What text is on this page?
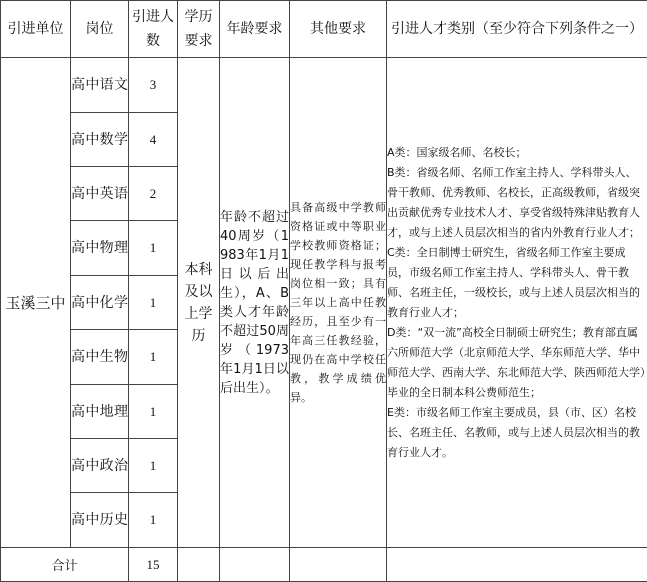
引进单位	岗位	引进人数	学历要求	年龄要求	其他要求	引进人才类别（至少符合下列条件之一）
玉溪三中	高中语文	3	本科及以上学历	年龄不超过40周岁（1983年1月1日以后出生），A、B类人才年龄不超过50周岁（1973年1月1日以后出生）。	具备高级中学教师资格证或中等职业学校教师资格证；现任教学科与报考岗位相一致；具有三年以上高中任教经历，且至少有一年高三任教经验，现仍在高中学校任教，教学成绩优异。	A类：国家级名师、名校长；
B类：省级名师、名师工作室主持人、学科带头人、骨干教师、优秀教师、名校长，正高级教师，省级突出贡献优秀专业技术人才、享受省级特殊津贴教育人才，或与上述人员层次相当的省内外教育行业人才；
C类：全日制博士研究生，省级名师工作室主要成员，市级名师工作室主持人、学科带头人、骨干教师、名班主任，一级校长，或与上述人员层次相当的教育行业人才；
D类：“双一流”高校全日制硕士研究生；教育部直属六所师范大学（北京师范大学、华东师范大学、华中师范大学、西南大学、东北师范大学、陕西师范大学）毕业的全日制本科公费师范生；
E类：市级名师工作室主要成员，县（市、区）名校长、名班主任、名教师，或与上述人员层次相当的教育行业人才。

	高中数学	4				
	高中英语	2				
	高中物理	1				
	高中化学	1				
	高中生物	1				
	高中地理	1				
	高中政治	1				
	高中历史	1				
合计		15				
